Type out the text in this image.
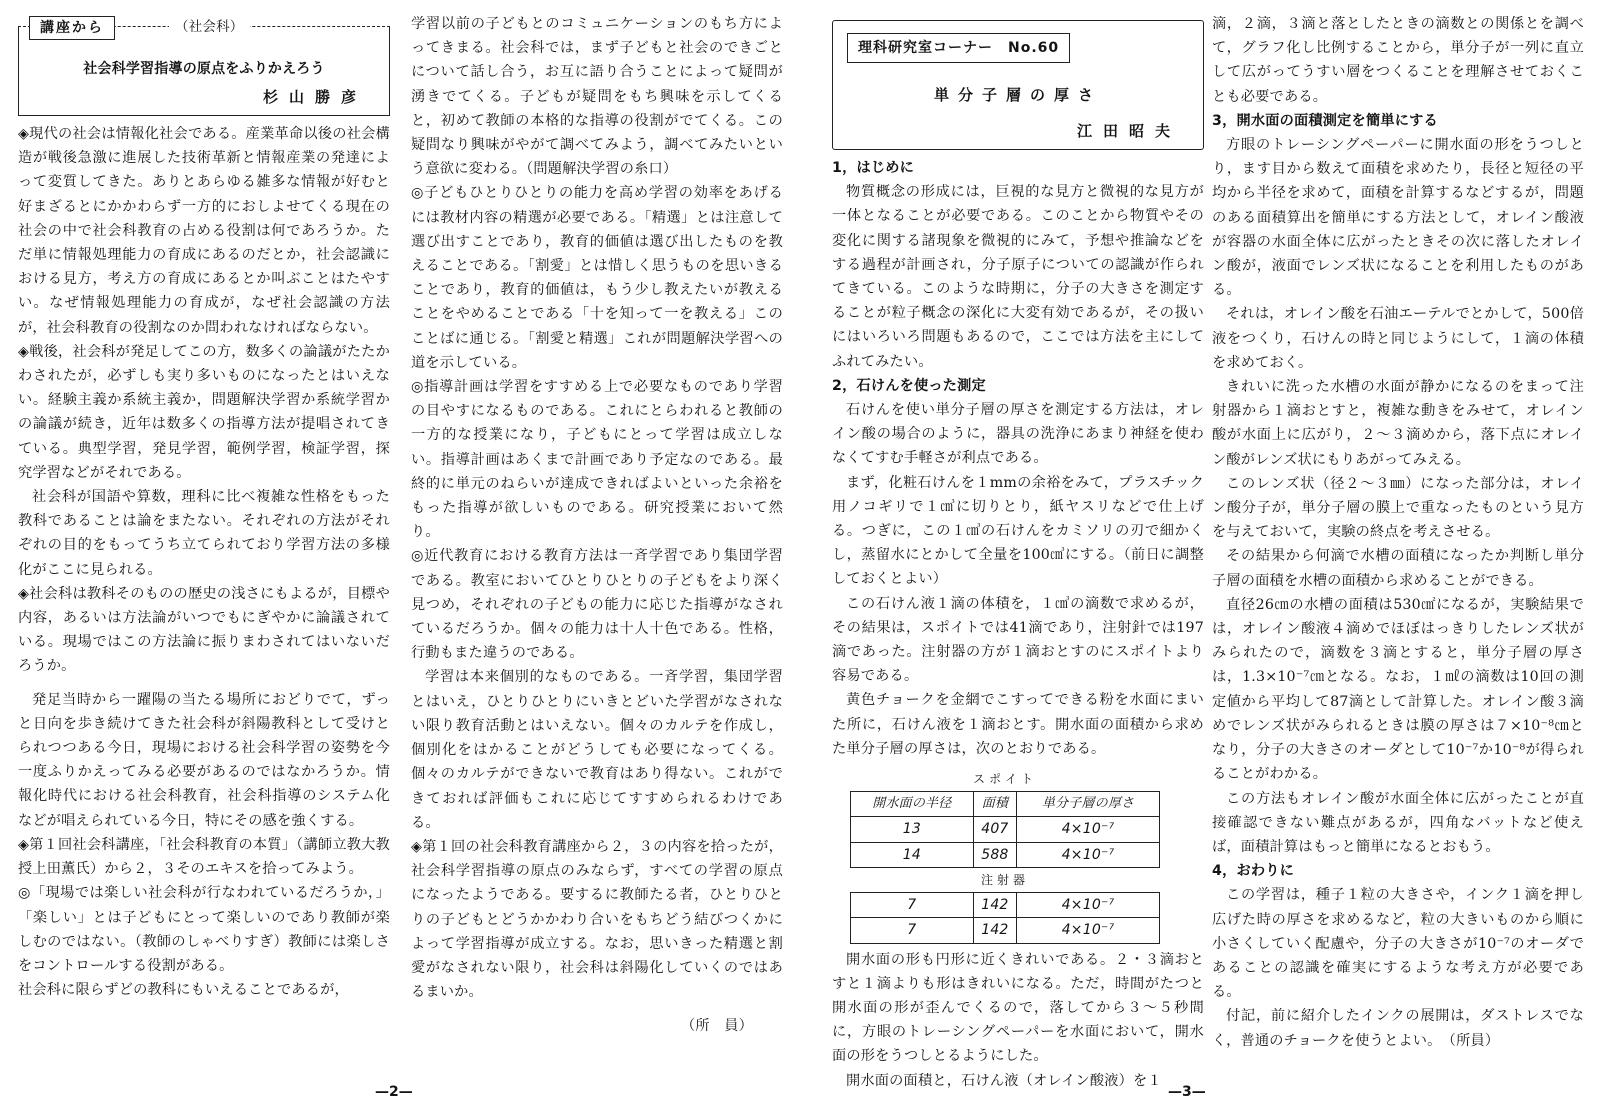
講座から	（社会科）
社会科学習指導の原点をふりかえろう
杉山勝彦

◈現代の社会は情報化社会である。産業革命以後の社会構造が戦後急激に進展した技術革新と情報産業の発達によって変質してきた。ありとあらゆる雑多な情報が好むと好まざるとにかかわらず一方的におしよせてくる現在の社会の中で社会科教育の占める役割は何であろうか。ただ単に情報処理能力の育成にあるのだとか，社会認識における見方，考え方の育成にあるとか叫ぶことはたやすい。なぜ情報処理能力の育成が，なぜ社会認識の方法が，社会科教育の役割なのか問われなければならない。

◈戦後，社会科が発足してこの方，数多くの論議がたたかわされたが，必ずしも実り多いものになったとはいえない。経験主義か系統主義か，問題解決学習か系統学習かの論議が続き，近年は数多くの指導方法が提唱されてきている。典型学習，発見学習，範例学習，検証学習，探究学習などがそれである。

社会科が国語や算数，理科に比べ複雑な性格をもった教科であることは論をまたない。それぞれの方法がそれぞれの目的をもってうち立てられており学習方法の多様化がここに見られる。

◈社会科は教科そのものの歴史の浅さにもよるが，目標や内容，あるいは方法論がいつでもにぎやかに論議されている。現場ではこの方法論に振りまわされてはいないだろうか。

発足当時から一躍陽の当たる場所におどりでて，ずっと日向を歩き続けてきた社会科が斜陽教科として受けとられつつある今日，現場における社会科学習の姿勢を今一度ふりかえってみる必要があるのではなかろうか。情報化時代における社会科教育，社会科指導のシステム化などが唱えられている今日，特にその感を強くする。

◈第１回社会科講座，「社会科教育の本質」（講師立教大教授上田薫氏）から２，３そのエキスを拾ってみよう。

◎「現場では楽しい社会科が行なわれているだろうか，」「楽しい」とは子どもにとって楽しいのであり教師が楽しむのではない。（教師のしゃべりすぎ）教師には楽しさをコントロールする役割がある。

社会科に限らずどの教科にもいえることであるが，

学習以前の子どもとのコミュニケーションのもち方によってきまる。社会科では，まず子どもと社会のできごとについて話し合う，お互に語り合うことによって疑問が湧きでてくる。子どもが疑問をもち興味を示してくると，初めて教師の本格的な指導の役割がでてくる。この疑問なり興味がやがて調べてみよう，調べてみたいという意欲に変わる。（問題解決学習の糸口）

◎子どもひとりひとりの能力を高め学習の効率をあげるには教材内容の精選が必要である。「精選」とは注意して選び出すことであり，教育的価値は選び出したものを教えることである。「割愛」とは惜しく思うものを思いきることであり，教育的価値は，もう少し教えたいが教えることをやめることである「十を知って一を教える」このことばに通じる。「割愛と精選」これが問題解決学習への道を示している。

◎指導計画は学習をすすめる上で必要なものであり学習の目やすになるものである。これにとらわれると教師の一方的な授業になり，子どもにとって学習は成立しない。指導計画はあくまで計画であり予定なのである。最終的に単元のねらいが達成できればよいといった余裕をもった指導が欲しいものである。研究授業において然り。

◎近代教育における教育方法は一斉学習であり集団学習である。教室においてひとりひとりの子どもをより深く見つめ，それぞれの子どもの能力に応じた指導がなされているだろうか。個々の能力は十人十色である。性格，行動もまた違うのである。

学習は本来個別的なものである。一斉学習，集団学習とはいえ，ひとりひとりにいきとどいた学習がなされない限り教育活動とはいえない。個々のカルテを作成し，個別化をはかることがどうしても必要になってくる。個々のカルテができないで教育はあり得ない。これができておれば評価もこれに応じてすすめられるわけである。

◈第１回の社会科教育講座から２，３の内容を拾ったが，社会科学習指導の原点のみならず，すべての学習の原点になったようである。要するに教師たる者，ひとりひとりの子どもとどうかかわり合いをもちどう結びつくかによって学習指導が成立する。なお，思いきった精選と割愛がなされない限り，社会科は斜陽化していくのではあるまいか。

（所　員）

理科研究室コーナー　No.60
単分子層の厚さ
江田昭夫

1，はじめに

物質概念の形成には，巨視的な見方と微視的な見方が一体となることが必要である。このことから物質やその変化に関する諸現象を微視的にみて，予想や推論などをする過程が計画され，分子原子についての認識が作られてきている。このような時期に，分子の大きさを測定することが粒子概念の深化に大変有効であるが，その扱いにはいろいろ問題もあるので，ここでは方法を主にしてふれてみたい。

2，石けんを使った測定

石けんを使い単分子層の厚さを測定する方法は，オレイン酸の場合のように，器具の洗浄にあまり神経を使わなくてすむ手軽さが利点である。

まず，化粧石けんを１mmの余裕をみて，プラスチック用ノコギリで１㎤に切りとり，紙ヤスリなどで仕上げる。つぎに，この１㎤の石けんをカミソリの刃で細かくし，蒸留水にとかして全量を100㎤にする。（前日に調整しておくとよい）

この石けん液１滴の体積を，１㎤の滴数で求めるが，その結果は，スポイトでは41滴であり，注射針では197滴であった。注射器の方が１滴おとすのにスポイトより容易である。

黄色チョークを金網でこすってできる粉を水面にまいた所に，石けん液を１滴おとす。開水面の面積から求めた単分子層の厚さは，次のとおりである。

スポイト		
開水面の半径	面積	単分子層の厚さ
13	407	4×10⁻⁷
14	588	4×10⁻⁷
注射器		
7	142	4×10⁻⁷
7	142	4×10⁻⁷

開水面の形も円形に近くきれいである。２・３滴おとすと１滴よりも形はきれいになる。ただ，時間がたつと開水面の形が歪んでくるので，落してから３～５秒間に，方眼のトレーシングペーパーを水面において，開水面の形をうつしとるようにした。

開水面の面積と，石けん液（オレイン酸液）を１

滴，２滴，３滴と落としたときの滴数との関係とを調べて，グラフ化し比例することから，単分子が一列に直立して広がってうすい層をつくることを理解させておくことも必要である。

3，開水面の面積測定を簡単にする

方眼のトレーシングペーパーに開水面の形をうつしとり，ます目から数えて面積を求めたり，長径と短径の平均から半径を求めて，面積を計算するなどするが，問題のある面積算出を簡単にする方法として，オレイン酸液が容器の水面全体に広がったときその次に落したオレイン酸が，液面でレンズ状になることを利用したものがある。

それは，オレイン酸を石油エーテルでとかして，500倍液をつくり，石けんの時と同じようにして，１滴の体積を求めておく。

きれいに洗った水槽の水面が静かになるのをまって注射器から１滴おとすと，複雑な動きをみせて，オレイン酸が水面上に広がり，２～３滴めから，落下点にオレイン酸がレンズ状にもりあがってみえる。

このレンズ状（径２～３㎜）になった部分は，オレイン酸分子が，単分子層の膜上で重なったものという見方を与えておいて，実験の終点を考えさせる。

その結果から何滴で水槽の面積になったか判断し単分子層の面積を水槽の面積から求めることができる。

直径26㎝の水槽の面積は530㎠になるが，実験結果では，オレイン酸液４滴めでほぼはっきりしたレンズ状がみられたので，滴数を３滴とすると，単分子層の厚さは，1.3×10⁻⁷㎝となる。なお，１㎖の滴数は10回の測定値から平均して87滴として計算した。オレイン酸３滴めでレンズ状がみられるときは膜の厚さは７×10⁻⁸㎝となり，分子の大きさのオーダとして10⁻⁷か10⁻⁸が得られることがわかる。

この方法もオレイン酸が水面全体に広がったことが直接確認できない難点があるが，四角なバットなど使えば，面積計算はもっと簡単になるとおもう。

4，おわりに

この学習は，種子１粒の大きさや，インク１滴を押し広げた時の厚さを求めるなど，粒の大きいものから順に小さくしていく配慮や，分子の大きさが10⁻⁷のオーダであることの認識を確実にするような考え方が必要である。

付記，前に紹介したインクの展開は，ダストレスでなく，普通のチョークを使うとよい。　（所員）

—2—	—3—
